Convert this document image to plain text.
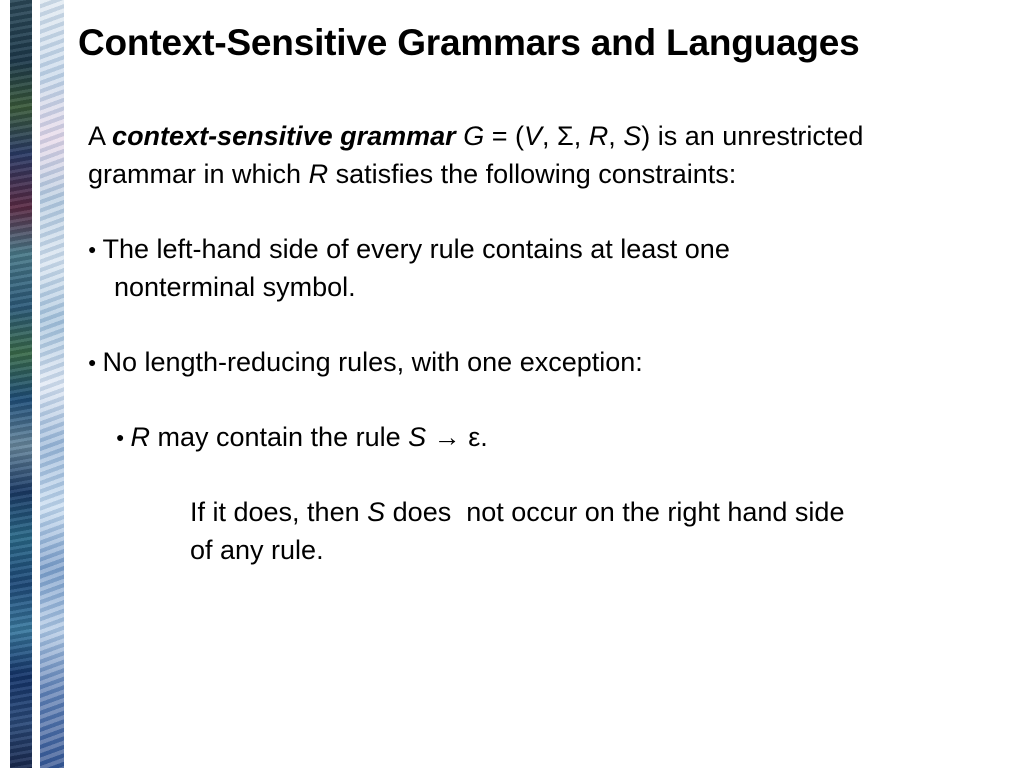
Context-Sensitive Grammars and Languages
A context-sensitive grammar G = (V, Σ, R, S) is an unrestricted
grammar in which R satisfies the following constraints:
● The left-hand side of every rule contains at least one
nonterminal symbol.
● No length-reducing rules, with one exception:
● R may contain the rule S → ε.
If it does, then S does  not occur on the right hand side
of any rule.
